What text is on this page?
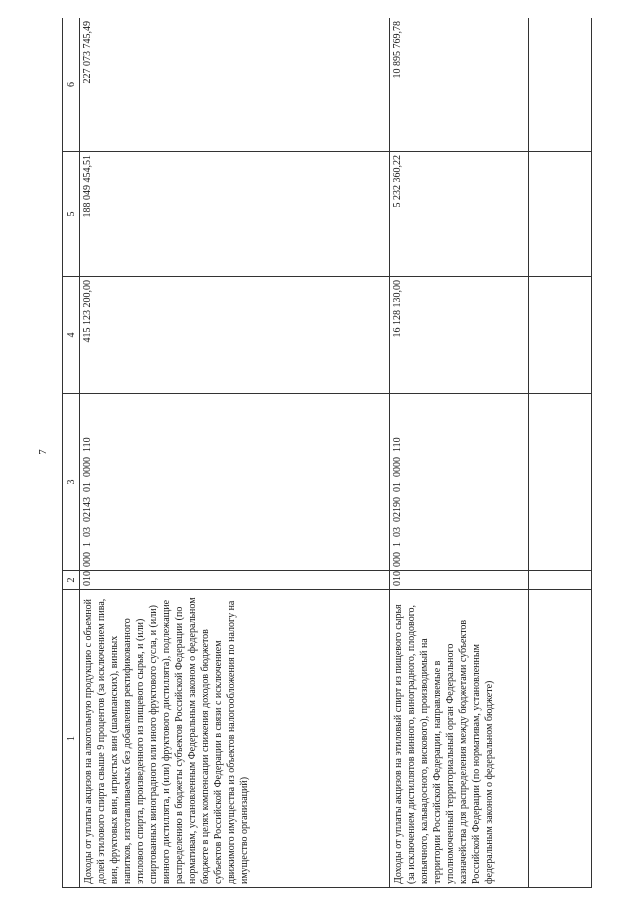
7
1	2	3	4	5	6
Доходы от уплаты акцизов на алкогольную продукцию с объемной долей этилового спирта свыше 9 процентов (за исключением пива, вин, фруктовых вин, игристых вин (шампанских), винных напитков, изготавливаемых без добавления ректификованного этилового спирта, произведенного из пищевого сырья, и (или) спиртованных виноградного или иного фруктового сусла, и (или) винного дистиллята, и (или) фруктового дистиллята), подлежащие распределению в бюджеты субъектов Российской Федерации (по нормативам, установленным Федеральным законом о федеральном бюджете в целях компенсации снижения доходов бюджетов субъектов Российской Федерации в связи с исключением движимого имущества из объектов налогообложения по налогу на имущество организаций)	010	000  1  03  02143  01  0000  110	415 123 200,00	188 049 454,51	227 073 745,49
Доходы от уплаты акцизов на этиловый спирт из пищевого сырья (за исключением дистиллятов винного, виноградного, плодового, коньячного, кальвадосного, вискового), производимый на территории Российской Федерации, направляемые в уполномоченный территориальный орган Федерального казначейства для распределения между бюджетами субъектов Российской Федерации (по нормативам, установленным федеральным законом о федеральном бюджете)	010	000  1  03  02190  01  0000  110	16 128 130,00	5 232 360,22	10 895 769,78
